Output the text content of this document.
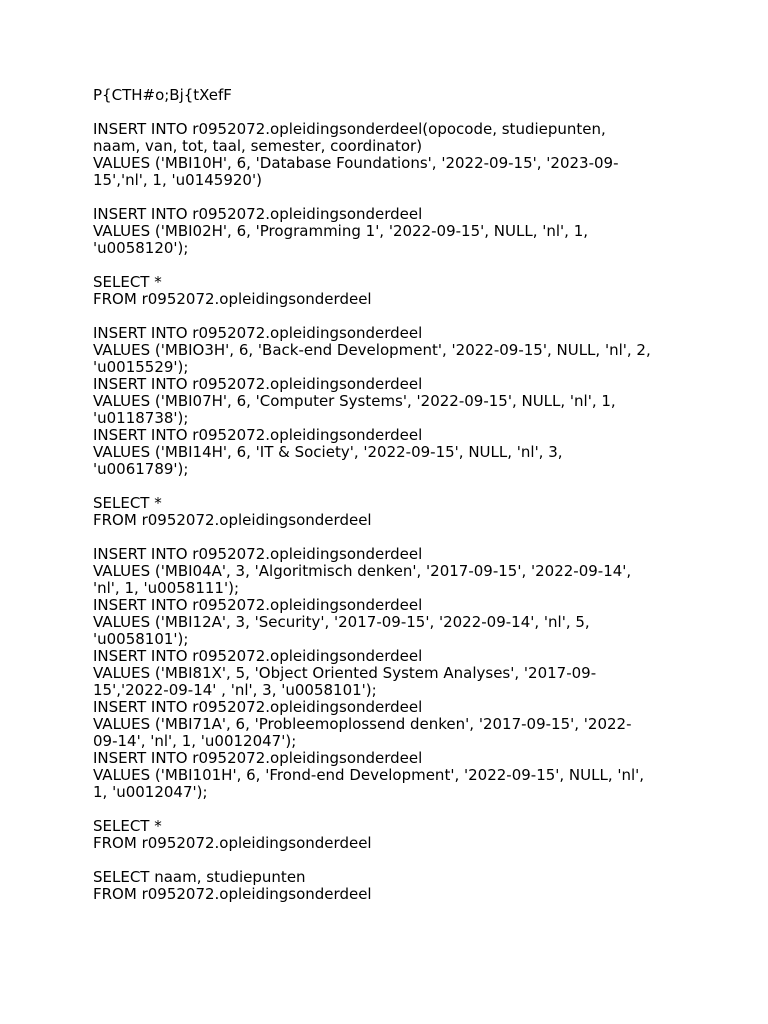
P{CTH#o;Bj{tXefF
INSERT INTO r0952072.opleidingsonderdeel(opocode, studiepunten,
naam, van, tot, taal, semester, coordinator)
VALUES ('MBI10H', 6, 'Database Foundations', '2022-09-15', '2023-09-
15','nl', 1, 'u0145920')
INSERT INTO r0952072.opleidingsonderdeel
VALUES ('MBI02H', 6, 'Programming 1', '2022-09-15', NULL, 'nl', 1,
'u0058120');
SELECT *
FROM r0952072.opleidingsonderdeel
INSERT INTO r0952072.opleidingsonderdeel
VALUES ('MBIO3H', 6, 'Back-end Development', '2022-09-15', NULL, 'nl', 2,
'u0015529');
INSERT INTO r0952072.opleidingsonderdeel
VALUES ('MBI07H', 6, 'Computer Systems', '2022-09-15', NULL, 'nl', 1,
'u0118738');
INSERT INTO r0952072.opleidingsonderdeel
VALUES ('MBI14H', 6, 'IT & Society', '2022-09-15', NULL, 'nl', 3,
'u0061789');
SELECT *
FROM r0952072.opleidingsonderdeel
INSERT INTO r0952072.opleidingsonderdeel
VALUES ('MBI04A', 3, 'Algoritmisch denken', '2017-09-15', '2022-09-14',
'nl', 1, 'u0058111');
INSERT INTO r0952072.opleidingsonderdeel
VALUES ('MBI12A', 3, 'Security', '2017-09-15', '2022-09-14', 'nl', 5,
'u0058101');
INSERT INTO r0952072.opleidingsonderdeel
VALUES ('MBI81X', 5, 'Object Oriented System Analyses', '2017-09-
15','2022-09-14' , 'nl', 3, 'u0058101');
INSERT INTO r0952072.opleidingsonderdeel
VALUES ('MBI71A', 6, 'Probleemoplossend denken', '2017-09-15', '2022-
09-14', 'nl', 1, 'u0012047');
INSERT INTO r0952072.opleidingsonderdeel
VALUES ('MBI101H', 6, 'Frond-end Development', '2022-09-15', NULL, 'nl',
1, 'u0012047');
SELECT *
FROM r0952072.opleidingsonderdeel
SELECT naam, studiepunten
FROM r0952072.opleidingsonderdeel
